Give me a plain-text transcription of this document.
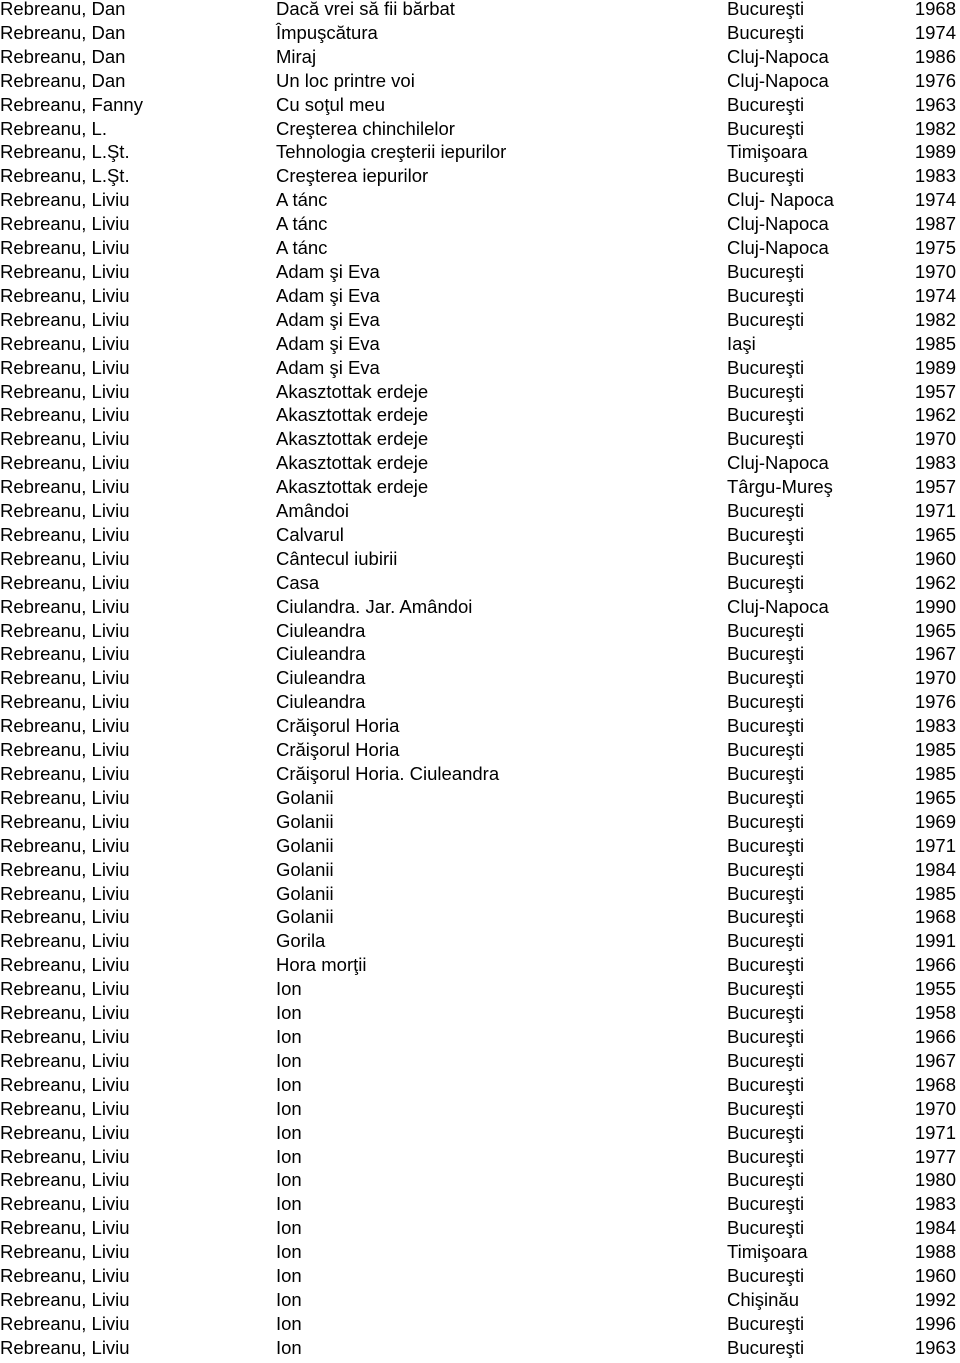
Rebreanu, Dan	Dacă vrei să fii bărbat	Bucureşti	1968
Rebreanu, Dan	Împuşcătura	Bucureşti	1974
Rebreanu, Dan	Miraj	Cluj-Napoca	1986
Rebreanu, Dan	Un loc printre voi	Cluj-Napoca	1976
Rebreanu, Fanny	Cu soţul meu	Bucureşti	1963
Rebreanu, L.	Creşterea chinchilelor	Bucureşti	1982
Rebreanu, L.Şt.	Tehnologia creşterii iepurilor	Timişoara	1989
Rebreanu, L.Şt.	Creşterea iepurilor	Bucureşti	1983
Rebreanu, Liviu	A tánc	Cluj- Napoca	1974
Rebreanu, Liviu	A tánc	Cluj-Napoca	1987
Rebreanu, Liviu	A tánc	Cluj-Napoca	1975
Rebreanu, Liviu	Adam şi Eva	Bucureşti	1970
Rebreanu, Liviu	Adam şi Eva	Bucureşti	1974
Rebreanu, Liviu	Adam şi Eva	Bucureşti	1982
Rebreanu, Liviu	Adam şi Eva	Iaşi	1985
Rebreanu, Liviu	Adam şi Eva	Bucureşti	1989
Rebreanu, Liviu	Akasztottak erdeje	Bucureşti	1957
Rebreanu, Liviu	Akasztottak erdeje	Bucureşti	1962
Rebreanu, Liviu	Akasztottak erdeje	Bucureşti	1970
Rebreanu, Liviu	Akasztottak erdeje	Cluj-Napoca	1983
Rebreanu, Liviu	Akasztottak erdeje	Târgu-Mureş	1957
Rebreanu, Liviu	Amândoi	Bucureşti	1971
Rebreanu, Liviu	Calvarul	Bucureşti	1965
Rebreanu, Liviu	Cântecul iubirii	Bucureşti	1960
Rebreanu, Liviu	Casa	Bucureşti	1962
Rebreanu, Liviu	Ciulandra. Jar. Amândoi	Cluj-Napoca	1990
Rebreanu, Liviu	Ciuleandra	Bucureşti	1965
Rebreanu, Liviu	Ciuleandra	Bucureşti	1967
Rebreanu, Liviu	Ciuleandra	Bucureşti	1970
Rebreanu, Liviu	Ciuleandra	Bucureşti	1976
Rebreanu, Liviu	Crăişorul Horia	Bucureşti	1983
Rebreanu, Liviu	Crăişorul Horia	Bucureşti	1985
Rebreanu, Liviu	Crăişorul Horia. Ciuleandra	Bucureşti	1985
Rebreanu, Liviu	Golanii	Bucureşti	1965
Rebreanu, Liviu	Golanii	Bucureşti	1969
Rebreanu, Liviu	Golanii	Bucureşti	1971
Rebreanu, Liviu	Golanii	Bucureşti	1984
Rebreanu, Liviu	Golanii	Bucureşti	1985
Rebreanu, Liviu	Golanii	Bucureşti	1968
Rebreanu, Liviu	Gorila	Bucureşti	1991
Rebreanu, Liviu	Hora morţii	Bucureşti	1966
Rebreanu, Liviu	Ion	Bucureşti	1955
Rebreanu, Liviu	Ion	Bucureşti	1958
Rebreanu, Liviu	Ion	Bucureşti	1966
Rebreanu, Liviu	Ion	Bucureşti	1967
Rebreanu, Liviu	Ion	Bucureşti	1968
Rebreanu, Liviu	Ion	Bucureşti	1970
Rebreanu, Liviu	Ion	Bucureşti	1971
Rebreanu, Liviu	Ion	Bucureşti	1977
Rebreanu, Liviu	Ion	Bucureşti	1980
Rebreanu, Liviu	Ion	Bucureşti	1983
Rebreanu, Liviu	Ion	Bucureşti	1984
Rebreanu, Liviu	Ion	Timişoara	1988
Rebreanu, Liviu	Ion	Bucureşti	1960
Rebreanu, Liviu	Ion	Chişinău	1992
Rebreanu, Liviu	Ion	Bucureşti	1996
Rebreanu, Liviu	Ion	Bucureşti	1963
